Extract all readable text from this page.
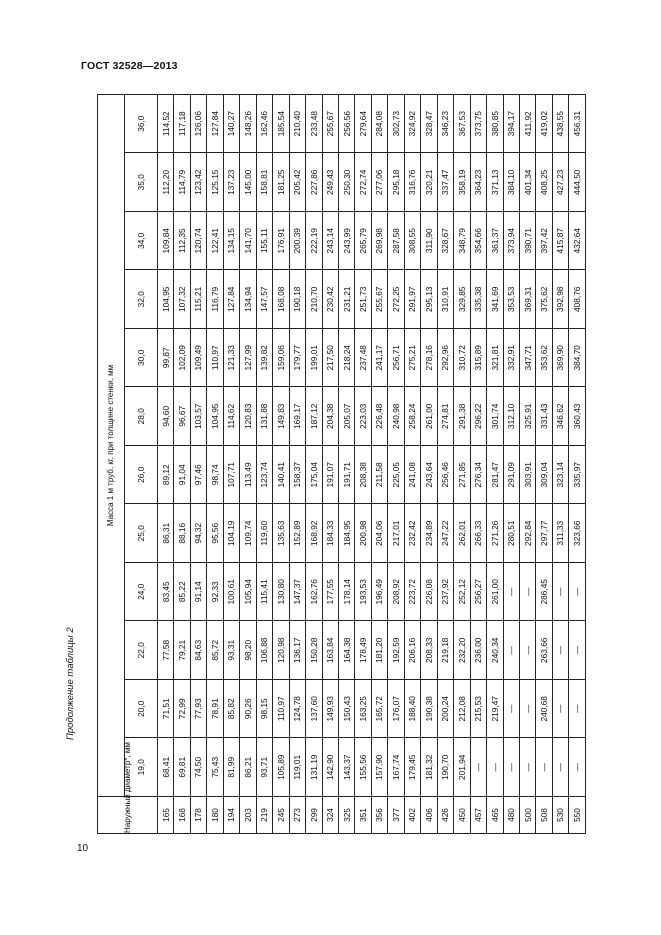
ГОСТ 32528—2013
Продолжение таблицы 2
Наружный диаметр*, мм	Масса 1 м труб, кг, при толщине стенки, мм											
	19,0	20,0	22,0	24,0	25,0	26,0	28,0	30,0	32,0	34,0	35,0	36,0
165	68,41	71,51	77,58	83,45	86,31	89,12	94,60	99,87	104,95	109,84	112,20	114,52
168	69,81	72,99	79,21	85,22	88,16	91,04	96,67	102,09	107,32	112,35	114,79	117,18
178	74,50	77,93	84,63	91,14	94,32	97,46	103,57	109,49	115,21	120,74	123,42	126,06
180	75,43	78,91	85,72	92,33	95,56	98,74	104,95	110,97	116,79	122,41	125,15	127,84
194	81,99	85,82	93,31	100,61	104,19	107,71	114,62	121,33	127,84	134,15	137,23	140,27
203	86,21	90,26	98,20	105,94	109,74	113,49	120,83	127,99	134,94	141,70	145,00	148,26
219	93,71	98,15	106,88	115,41	119,60	123,74	131,88	139,82	147,57	155,11	158,81	162,46
245	105,89	110,97	120,98	130,80	135,63	140,41	149,83	159,06	168,08	176,91	181,25	185,54
273	119,01	124,78	136,17	147,37	152,89	158,37	169,17	179,77	190,18	200,39	205,42	210,40
299	131,19	137,60	150,28	162,76	168,92	175,04	187,12	199,01	210,70	222,19	227,86	233,48
324	142,90	149,93	163,84	177,55	184,33	191,07	204,38	217,50	230,42	243,14	249,43	255,67
325	143,37	150,43	164,38	178,14	184,95	191,71	205,07	218,24	231,21	243,99	250,30	256,56
351	155,56	163,25	178,49	193,53	200,98	208,38	223,03	237,48	251,73	265,79	272,74	279,64
356	157,90	165,72	181,20	196,49	204,06	211,58	226,48	241,17	255,67	269,98	277,06	284,08
377	167,74	176,07	192,59	208,92	217,01	225,05	240,98	256,71	272,25	287,58	295,18	302,73
402	179,45	188,40	206,16	223,72	232,42	241,08	258,24	275,21	291,97	308,55	316,76	324,92
406	181,32	190,38	208,33	226,08	234,89	243,64	261,00	278,16	295,13	311,90	320,21	328,47
426	190,70	200,24	219,18	237,92	247,22	256,46	274,81	292,96	310,91	328,67	337,47	346,23
450	201,94	212,08	232,20	252,12	262,01	271,85	291,38	310,72	329,85	348,79	358,19	367,53
457	—	215,53	236,00	256,27	266,33	276,34	296,22	315,89	335,38	354,66	364,23	373,75
465	—	219,47	240,34	261,00	271,26	281,47	301,74	321,81	341,69	361,37	371,13	380,85
480	—	—	—	—	280,51	291,09	312,10	332,91	353,53	373,94	384,10	394,17
500	—	—	—	—	292,84	303,91	325,91	347,71	369,31	390,71	401,34	411,92
508	—	240,68	263,66	286,45	297,77	309,04	331,43	353,62	375,62	397,42	408,25	419,02
530	—	—	—	—	311,33	323,14	346,62	369,90	392,98	415,87	427,23	438,55
550	—	—	—	—	323,66	335,97	360,43	384,70	408,76	432,64	444,50	456,31
10
